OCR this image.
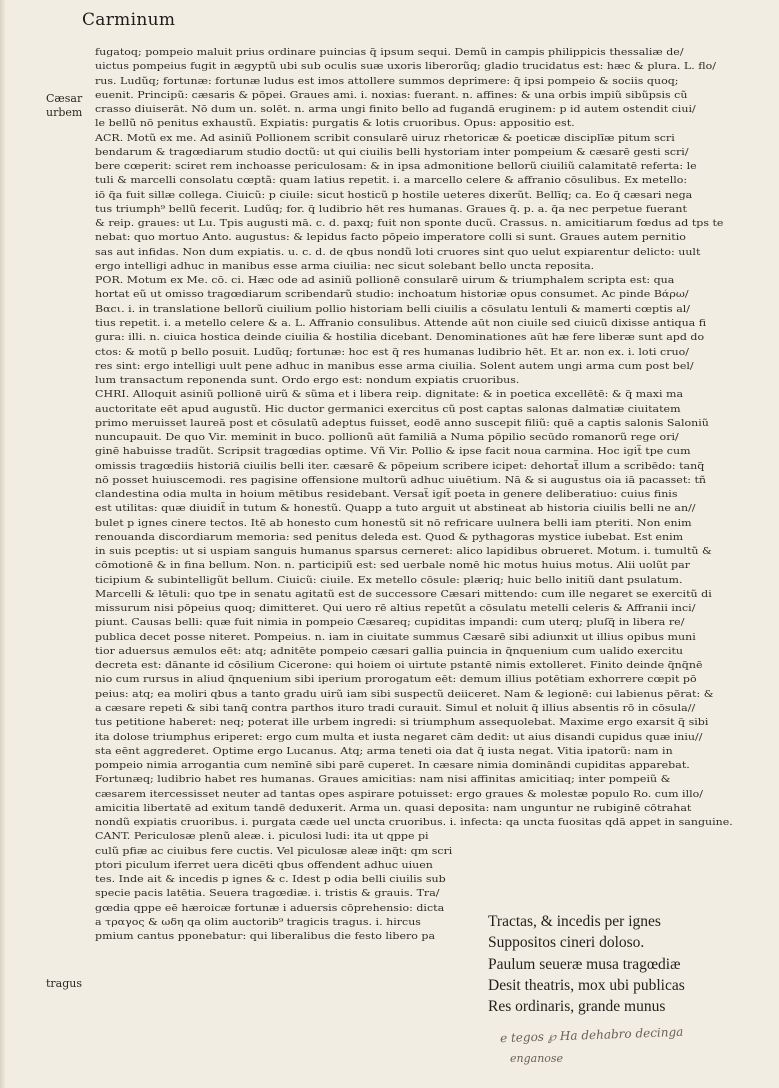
Carminum
Cæsar
urbem
tragus
fugatoq; pompeio maluit prius ordinare puincias q̃ ipsum sequi. Demũ in campis philippicis thessaliæ de/
uictus pompeius fugit in ægyptũ ubi sub oculis suæ uxoris liberorũq; gladio trucidatus est: hæc & plura. L. flo/
rus. Ludũq; fortunæ: fortunæ ludus est imos attollere summos deprimere: q̃ ipsi pompeio & sociis quoq;
euenit. Principũ: cæsaris & pōpei. Graues ami. i. noxias: fuerant. n. affines: & una orbis impiũ sibũpsis cũ
crasso diuiserāt. Nō dum un. solēt. n. arma ungi finito bello ad fugandā eruginem: p id autem ostendit ciui/
le bellũ nō penitus exhaustũ. Expiatis: purgatis & lotis cruoribus. Opus: appositio est.
ACR. Motũ ex me. Ad asiniũ Pollionem scribit consularē uiruz rhetoricæ & poeticæ disciplīæ pitum scri
bendarum & tragœdiarum studio doctũ: ut qui ciuilis belli hystoriam inter pompeium & cæsarē gesti scri/
bere cœperit: sciret rem inchoasse periculosam: & in ipsa admonitione bellorũ ciuiliũ calamitatē referta: le
tuli & marcelli consolatu cœptã: quam latius repetit. i. a marcello celere & affranio cōsulibus. Ex metello:
iō q̃a fuit sillæ collega. Ciuicũ: p ciuile: sicut hosticũ p hostile ueteres dixerũt. Bellīq; ca. Eo q̃ cæsari nega
tus triumph⁹ bellũ fecerit. Ludũq; for. q̃ ludibrio hēt res humanas. Graues q̃. p. a. q̃a nec perpetue fuerant
& reip. graues: ut Lu. Tpis augusti mā. c. d. paxq; fuit non sponte ducũ. Crassus. n. amicitiarum fœdus ad tps te
nebat: quo mortuo Anto. augustus: & lepidus facto pōpeio imperatore colli si sunt. Graues autem pernitio
sas aut infidas. Non dum expiatis. u. c. d. de qbus nondũ loti cruores sint quo uelut expiarentur delicto: uult
ergo intelligi adhuc in manibus esse arma ciuilia: nec sicut solebant bello uncta reposita.
POR. Motum ex Me. cō. ci. Hæc ode ad asiniũ pollionē consularē uirum & triumphalem scripta est: qua
hortat eũ ut omisso tragœdiarum scribendarũ studio: inchoatum historiæ opus consumet. Ac pinde Βάρω/
Bαcι. i. in translatione bellorũ ciuilium pollio historiam belli ciuilis a cōsulatu lentuli & mamerti cœptis al/
tius repetit. i. a metello celere & a. L. Affranio consulibus. Attende aūt non ciuile sed ciuicũ dixisse antiqua fi
gura: illi. n. ciuica hostica deinde ciuilia & hostilia dicebant. Denominationes aūt hæ fere liberæ sunt apd do
ctos: & motũ p bello posuit. Ludũq; fortunæ: hoc est q̃ res humanas ludibrio hēt. Et ar. non ex. i. loti cruo/
res sint: ergo intelligi uult pene adhuc in manibus esse arma ciuilia. Solent autem ungi arma cum post bel/
lum transactum reponenda sunt. Ordo ergo est: nondum expiatis cruoribus.
CHRI. Alloquit asiniũ pollionē uirũ & sũma et i libera reip. dignitate: & in poetica excellētē: & q̃ maxi ma
auctoritate eēt apud augustũ. Hic ductor germanici exercitus cũ post captas salonas dalmatiæ ciuitatem
primo meruisset laureā post et cōsulatũ adeptus fuisset, eodē anno suscepit filiũ: quē a captis salonis Saloniũ
nuncupauit. De quo Vir. meminit in buco. pollionũ aūt familiā a Numa pōpilio secūdo romanorũ rege ori/
ginē habuisse tradũt. Scripsit tragœdias optime. Vñ Vir. Pollio & ipse facit noua carmina. Hoc igit̃ tpe cum
omissis tragœdiis historiā ciuilis belli iter. cæsarē & pōpeium scribere icipet: dehortat̃ illum a scribēdo: tanq̃
nō posset huiuscemodi. res pagisine offensione multorũ adhuc uiuētium. Nā & si augustus oia iā pacasset: tñ
clandestina odia multa in hoium mētibus residebant. Versat̃ igit̃ poeta in genere deliberatiuo: cuius finis
est utilitas: quæ diuidit̃ in tutum & honestũ. Quapp a tuto arguit ut abstineat ab historia ciuilis belli ne an//
bulet p ignes cinere tectos. Itē ab honesto cum honestũ sit nō refricare uulnera belli iam pteriti. Non enim
renouanda discordiarum memoria: sed penitus deleda est. Quod & pythagoras mystice iubebat. Est enim
in suis pceptis: ut si uspiam sanguis humanus sparsus cerneret: alico lapidibus obrueret. Motum. i. tumultũ &
cōmotionē & in fina bellum. Non. n. participiũ est: sed uerbale nomē hic motus huius motus. Alii uolũt par
ticipium & subintelligũt bellum. Ciuicũ: ciuile. Ex metello cōsule: plæriq; huic bello initiũ dant psulatum.
Marcelli & lētuli: quo tpe in senatu agitatũ est de successore Cæsari mittendo: cum ille negaret se exercitũ di
missurum nisi pōpeius quoq; dimitteret. Qui uero rē altius repetũt a cōsulatu metelli celeris & Affranii inci/
piunt. Causas belli: quæ fuit nimia in pompeio Cæsareq; cupiditas impandi: cum uterq; pluſq̃ in libera re/
publica decet posse niteret. Pompeius. n. iam in ciuitate summus Cæsarē sibi adiunxit ut illius opibus muni
tior aduersus æmulos eēt: atq; adnitēte pompeio cæsari gallia puincia in q̃nquenium cum ualido exercitu
decreta est: dānante id cōsilium Cicerone: qui hoiem oi uirtute pstantē nimis extolleret. Finito deinde q̃nq̃nē
nio cum rursus in aliud q̃nquenium sibi iperium prorogatum eēt: demum illius potētiam exhorrere cœpit pō
peius: atq; ea moliri qbus a tanto gradu uirũ iam sibi suspectũ deiiceret. Nam & legionē: cui labienus pērat: &
a cæsare repeti & sibi tanq̃ contra parthos ituro tradi curauit. Simul et noluit q̃ illius absentis rō in cōsula//
tus petitione haberet: neq; poterat ille urbem ingredi: si triumphum assequolebat. Maxime ergo exarsit q̃ sibi
ita dolose triumphus eriperet: ergo cum multa et iusta negaret cām dedit: ut aius disandi cupidus quæ iniu//
sta eēnt aggrederet. Optime ergo Lucanus. Atq; arma teneti oia dat q̃ iusta negat. Vitia ipatorũ: nam in
pompeio nimia arrogantia cum nemīnē sibi parē cuperet. In cæsare nimia domināndi cupiditas apparebat.
Fortunæq; ludibrio habet res humanas. Graues amicitias: nam nisi affinitas amicitiaq; inter pompeiũ &
cæsarem itercessisset neuter ad tantas opes aspirare potuisset: ergo graues & molestæ populo Ro. cum illo/
amicitia libertatē ad exitum tandē deduxerit. Arma un. quasi deposita: nam unguntur ne rubiginē cōtrahat
nondũ expiatis cruoribus. i. purgata cæde uel uncta cruoribus. i. infecta: qa uncta fuositas qdā appet in sanguine.
CANT. Periculosæ plenũ aleæ. i. piculosi ludi: ita ut qppe pi
culũ pfiæ ac ciuibus fere cuctis. Vel piculosæ aleæ inq̃t: qm scri
ptori piculum iferret uera dicēti qbus offendent adhuc uiuen
tes. Inde ait & incedis p ignes & c. Idest p odia belli ciuilis sub
specie pacis latētia. Seuera tragœdiæ. i. tristis & grauis. Tra/
gœdia qppe eē hæroicæ fortunæ i aduersis cōprehensio: dicta
a τραγος & ωδη qa olim auctorib⁹ tragicis tragus. i. hircus
pmium cantus pponebatur: qui liberalibus die festo libero pa
Tractas, & incedis per ignes
Suppositos cineri doloso.
Paulum seueræ musa tragœdiæ
Desit theatris, mox ubi publicas
Res ordinaris, grande munus
e tegos ℘ Ha dehabro decinga
enganose
